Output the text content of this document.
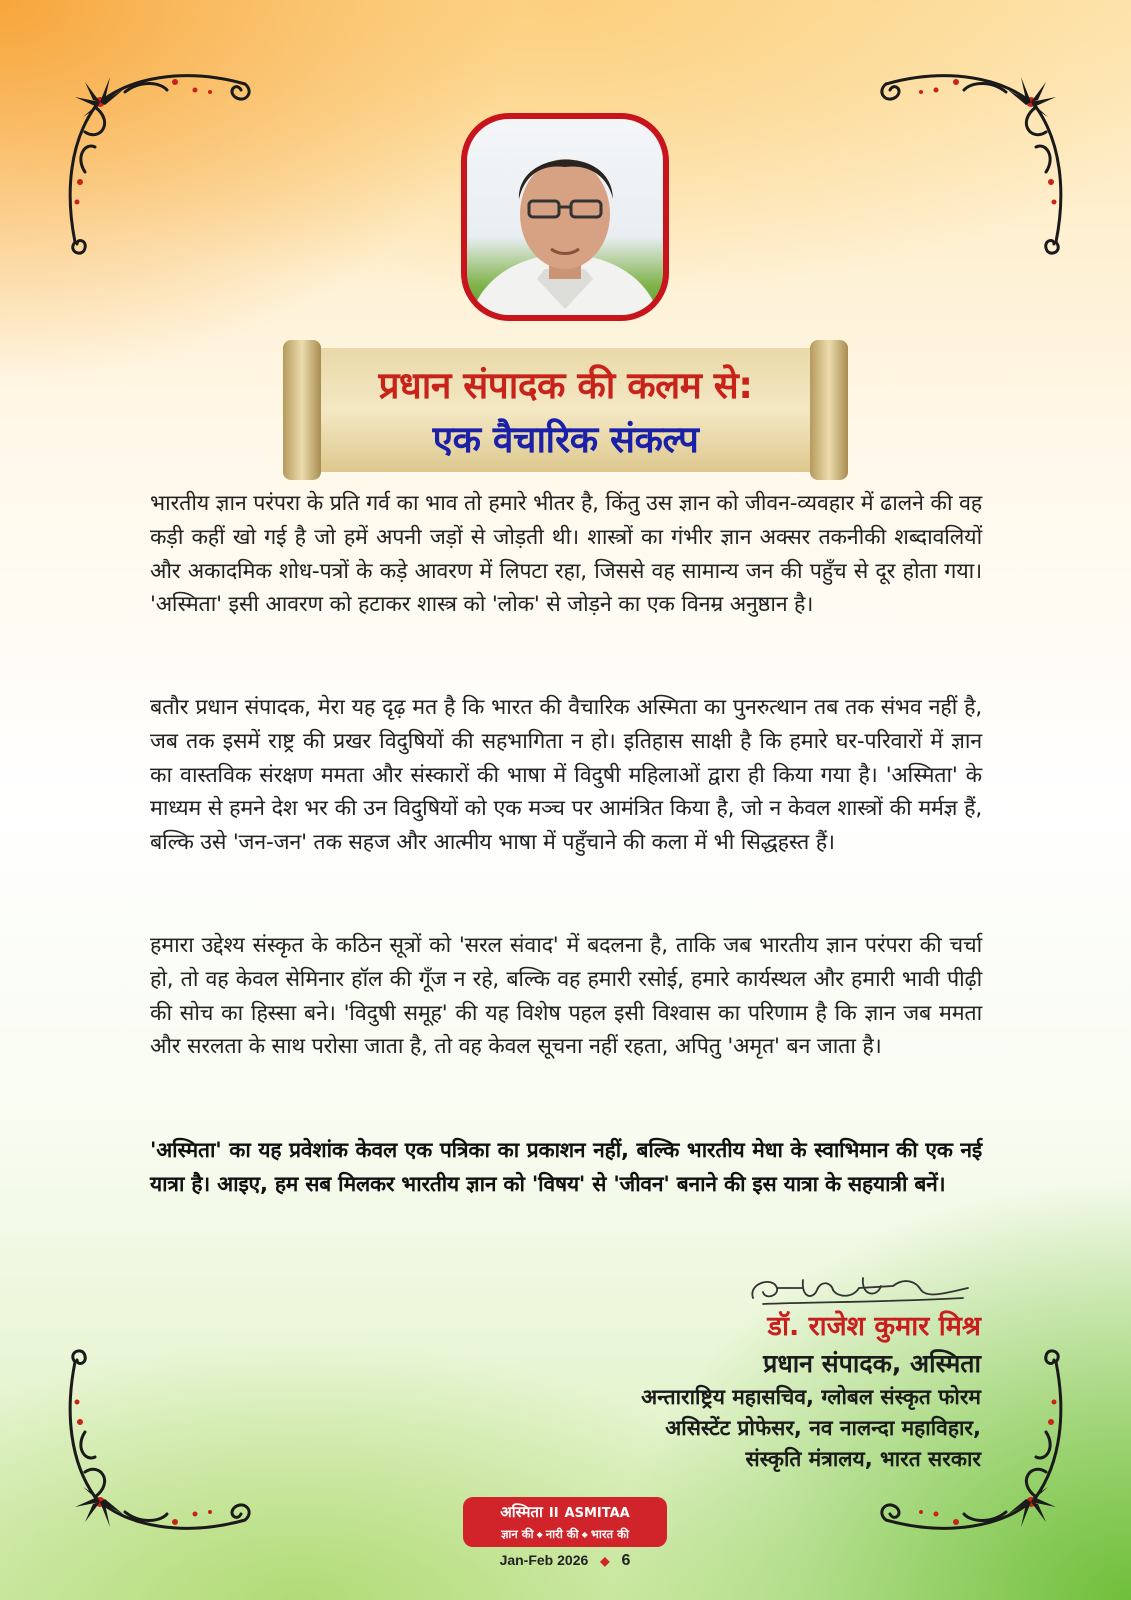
प्रधान संपादक की कलम से:
एक वैचारिक संकल्प
भारतीय ज्ञान परंपरा के प्रति गर्व का भाव तो हमारे भीतर है, किंतु उस ज्ञान को जीवन-व्यवहार में ढालने की वह कड़ी कहीं खो गई है जो हमें अपनी जड़ों से जोड़ती थी। शास्त्रों का गंभीर ज्ञान अक्सर तकनीकी शब्दावलियों और अकादमिक शोध-पत्रों के कड़े आवरण में लिपटा रहा, जिससे वह सामान्य जन की पहुँच से दूर होता गया। 'अस्मिता' इसी आवरण को हटाकर शास्त्र को 'लोक' से जोड़ने का एक विनम्र अनुष्ठान है।
बतौर प्रधान संपादक, मेरा यह दृढ़ मत है कि भारत की वैचारिक अस्मिता का पुनरुत्थान तब तक संभव नहीं है, जब तक इसमें राष्ट्र की प्रखर विदुषियों की सहभागिता न हो। इतिहास साक्षी है कि हमारे घर-परिवारों में ज्ञान का वास्तविक संरक्षण ममता और संस्कारों की भाषा में विदुषी महिलाओं द्वारा ही किया गया है। 'अस्मिता' के माध्यम से हमने देश भर की उन विदुषियों को एक मञ्च पर आमंत्रित किया है, जो न केवल शास्त्रों की मर्मज्ञ हैं, बल्कि उसे 'जन-जन' तक सहज और आत्मीय भाषा में पहुँचाने की कला में भी सिद्धहस्त हैं।
हमारा उद्देश्य संस्कृत के कठिन सूत्रों को 'सरल संवाद' में बदलना है, ताकि जब भारतीय ज्ञान परंपरा की चर्चा हो, तो वह केवल सेमिनार हॉल की गूँज न रहे, बल्कि वह हमारी रसोई, हमारे कार्यस्थल और हमारी भावी पीढ़ी की सोच का हिस्सा बने। 'विदुषी समूह' की यह विशेष पहल इसी विश्वास का परिणाम है कि ज्ञान जब ममता और सरलता के साथ परोसा जाता है, तो वह केवल सूचना नहीं रहता, अपितु 'अमृत' बन जाता है।
'अस्मिता' का यह प्रवेशांक केवल एक पत्रिका का प्रकाशन नहीं, बल्कि भारतीय मेधा के स्वाभिमान की एक नई यात्रा है। आइए, हम सब मिलकर भारतीय ज्ञान को 'विषय' से 'जीवन' बनाने की इस यात्रा के सहयात्री बनें।
डॉ. राजेश कुमार मिश्र
प्रधान संपादक, अस्मिता
अन्ताराष्ट्रिय महासचिव, ग्लोबल संस्कृत फोरम
असिस्टेंट प्रोफेसर, नव नालन्दा महाविहार,
संस्कृति मंत्रालय, भारत सरकार
अस्मिता II ASMITAA
ज्ञान की ◆ नारी की ◆ भारत की
Jan-Feb 2026 ◆ 6
